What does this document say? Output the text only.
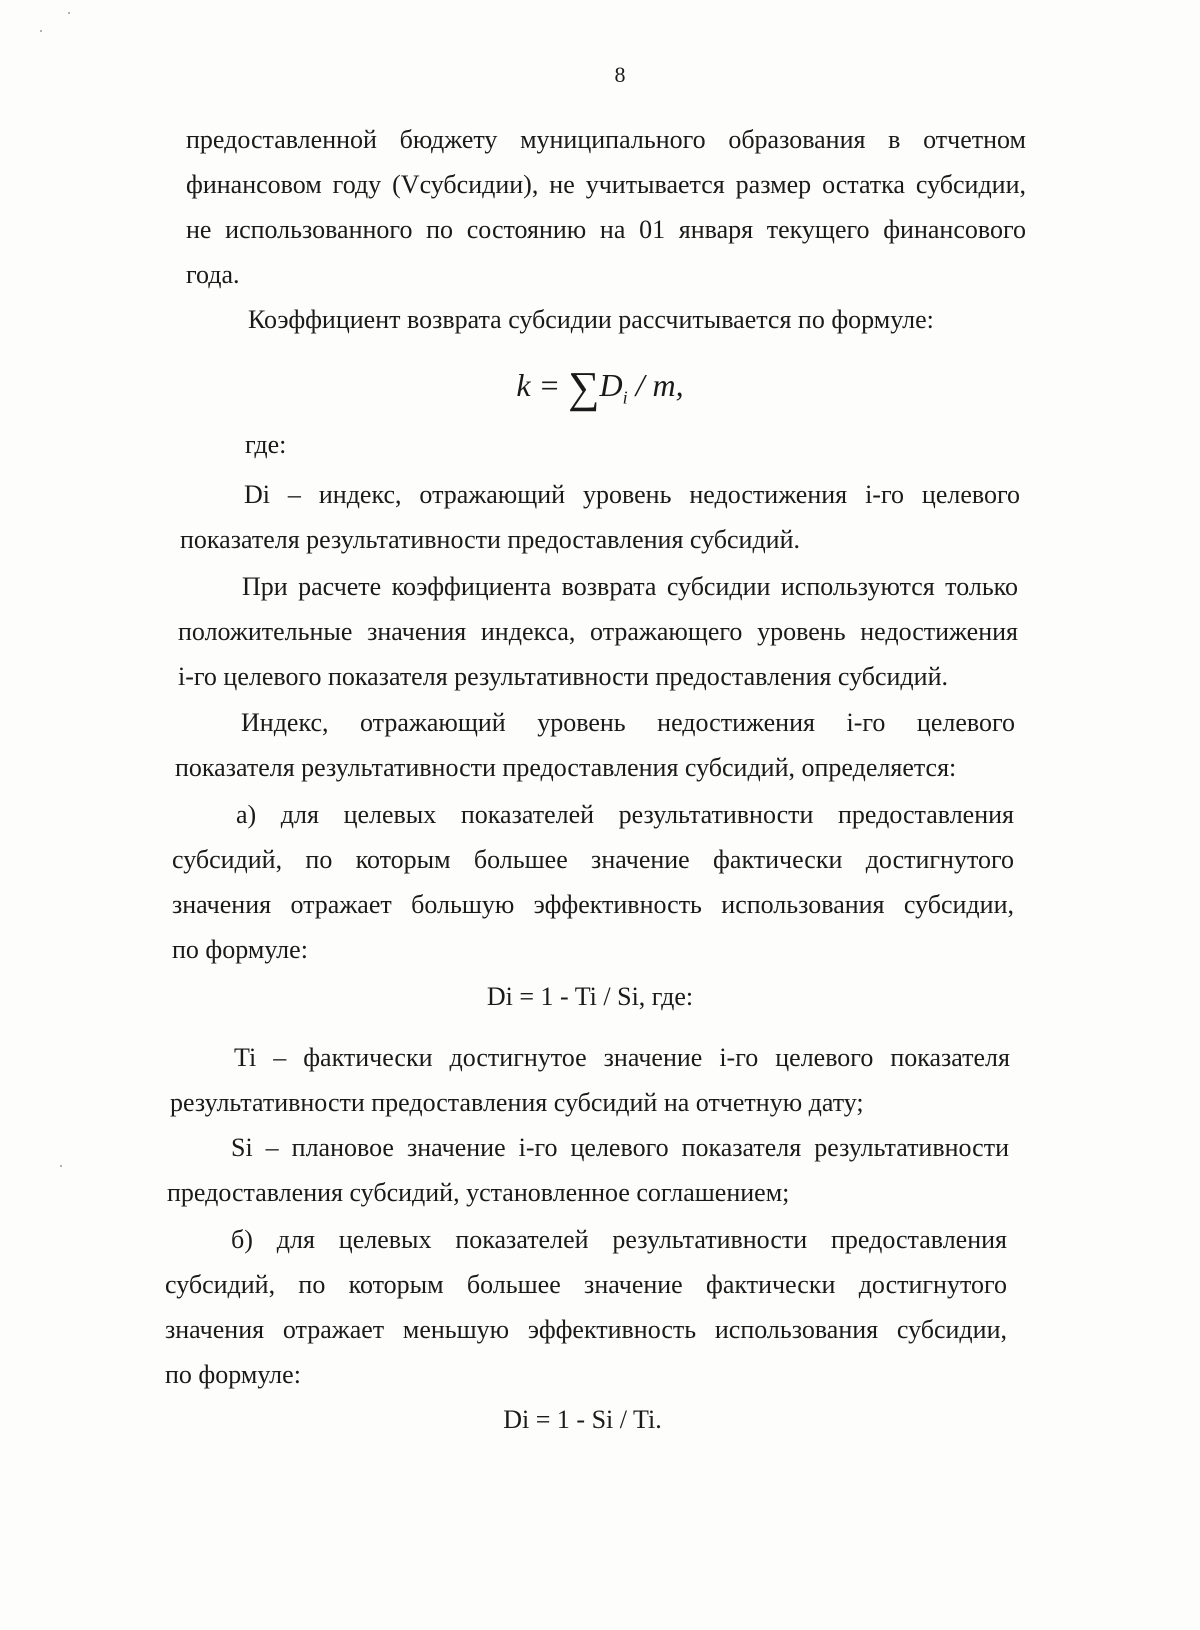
8
предоставленной бюджету муниципального образования в отчетном
финансовом году (Vсубсидии), не учитывается размер остатка субсидии,
не использованного по состоянию на 01 января текущего финансового
года.
Коэффициент возврата субсидии рассчитывается по формуле:
$k = \sum D_i / m$,
где:
Di – индекс, отражающий уровень недостижения i-го целевого
показателя результативности предоставления субсидий.
При расчете коэффициента возврата субсидии используются только
положительные значения индекса, отражающего уровень недостижения
i-го целевого показателя результативности предоставления субсидий.
Индекс, отражающий уровень недостижения i-го целевого
показателя результативности предоставления субсидий, определяется:
а) для целевых показателей результативности предоставления
субсидий, по которым большее значение фактически достигнутого
значения отражает большую эффективность использования субсидии,
по формуле:
Di = 1 - Ti / Si, где:
Ti – фактически достигнутое значение i-го целевого показателя
результативности предоставления субсидий на отчетную дату;
Si – плановое значение i-го целевого показателя результативности
предоставления субсидий, установленное соглашением;
б) для целевых показателей результативности предоставления
субсидий, по которым большее значение фактически достигнутого
значения отражает меньшую эффективность использования субсидии,
по формуле:
Di = 1 - Si / Ti.
